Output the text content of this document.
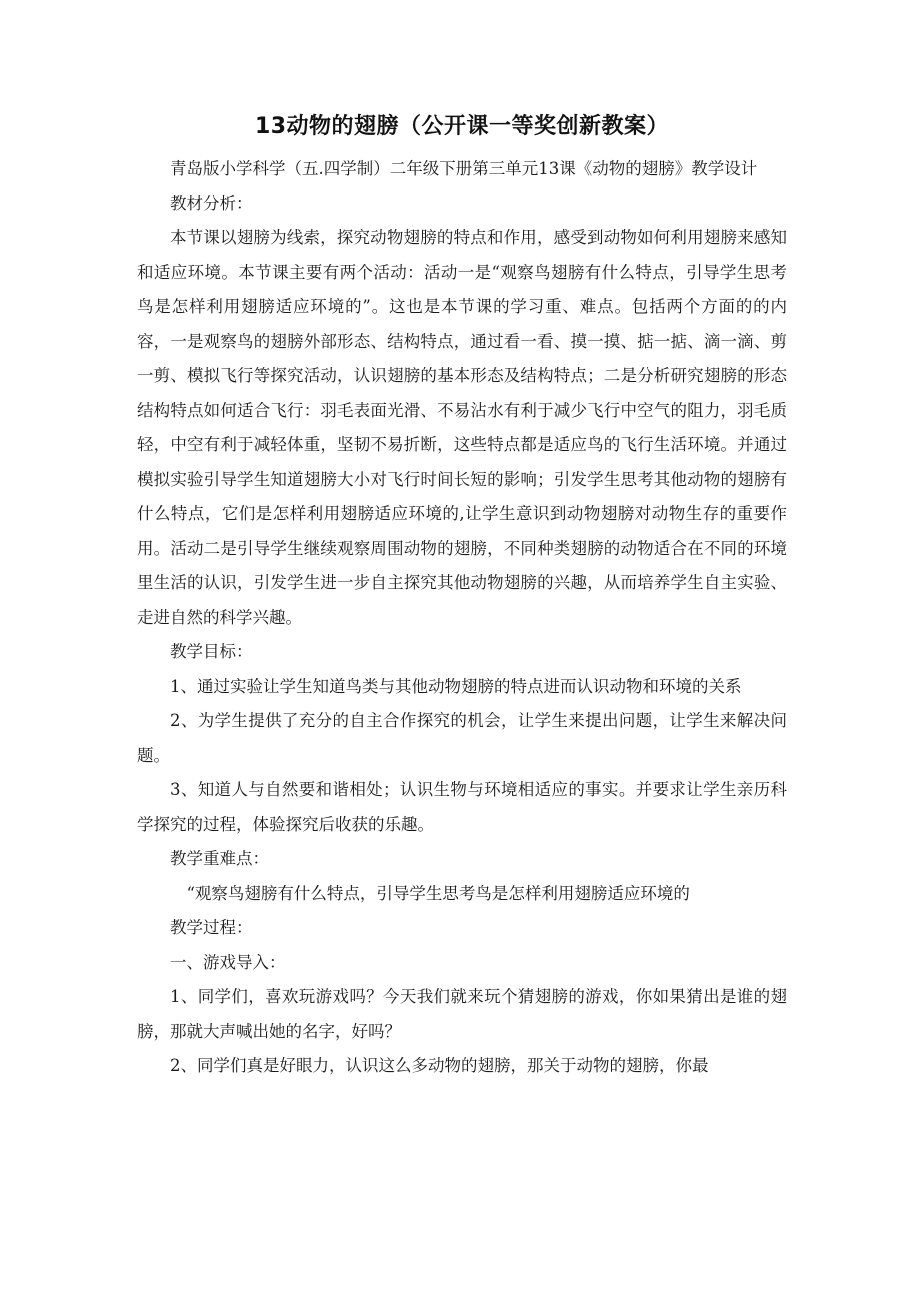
13动物的翅膀（公开课一等奖创新教案）

青岛版小学科学（五.四学制）二年级下册第三单元13课《动物的翅膀》教学设计

教材分析：

本节课以翅膀为线索，探究动物翅膀的特点和作用，感受到动物如何利用翅膀来感知和适应环境。本节课主要有两个活动：活动一是“观察鸟翅膀有什么特点，引导学生思考鸟是怎样利用翅膀适应环境的”。这也是本节课的学习重、难点。包括两个方面的的内容，一是观察鸟的翅膀外部形态、结构特点，通过看一看、摸一摸、掂一掂、滴一滴、剪一剪、模拟飞行等探究活动，认识翅膀的基本形态及结构特点；二是分析研究翅膀的形态结构特点如何适合飞行：羽毛表面光滑、不易沾水有利于减少飞行中空气的阻力，羽毛质轻，中空有利于减轻体重，坚韧不易折断，这些特点都是适应鸟的飞行生活环境。并通过模拟实验引导学生知道翅膀大小对飞行时间长短的影响；引发学生思考其他动物的翅膀有什么特点，它们是怎样利用翅膀适应环境的,让学生意识到动物翅膀对动物生存的重要作用。活动二是引导学生继续观察周围动物的翅膀，不同种类翅膀的动物适合在不同的环境里生活的认识，引发学生进一步自主探究其他动物翅膀的兴趣，从而培养学生自主实验、走进自然的科学兴趣。

教学目标：

1、通过实验让学生知道鸟类与其他动物翅膀的特点进而认识动物和环境的关系

2、为学生提供了充分的自主合作探究的机会，让学生来提出问题，让学生来解决问题。

3、知道人与自然要和谐相处；认识生物与环境相适应的事实。并要求让学生亲历科学探究的过程，体验探究后收获的乐趣。

教学重难点：

“观察鸟翅膀有什么特点，引导学生思考鸟是怎样利用翅膀适应环境的

教学过程：

一、游戏导入：

1、同学们，喜欢玩游戏吗？今天我们就来玩个猜翅膀的游戏，你如果猜出是谁的翅膀，那就大声喊出她的名字，好吗？

2、同学们真是好眼力，认识这么多动物的翅膀，那关于动物的翅膀，你最
